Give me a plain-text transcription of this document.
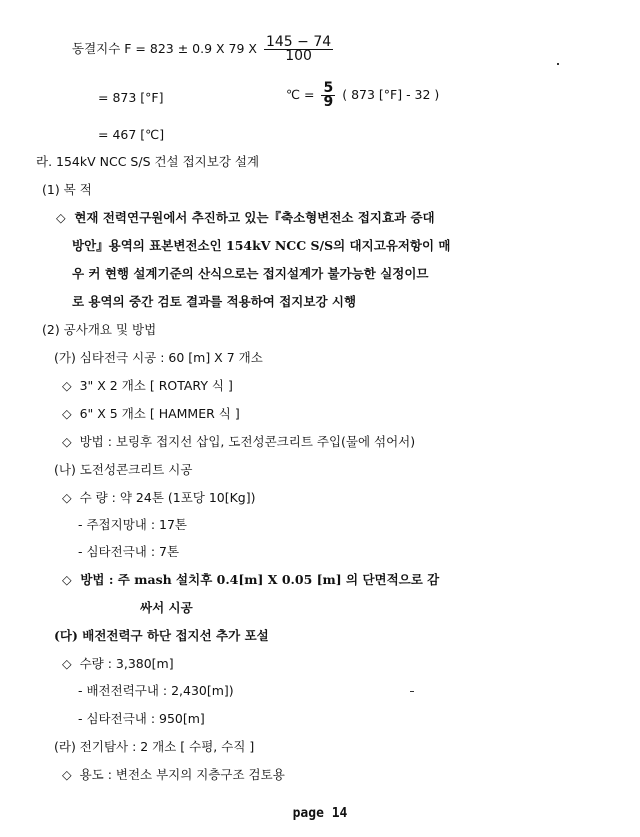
동결지수 F = 823 ± 0.9 X 79 X $\frac{145 - 74}{100}$
= 873 [°F]	℃ = $\frac{5}{9}$ ( 873 [°F] - 32 )
= 467 [℃]
라. 154kV NCC S/S 건설 접지보강 설계
(1) 목 적
◇ 현재 전력연구원에서 추진하고 있는『축소형변전소 접지효과 증대
방안』용역의 표본변전소인 154kV NCC S/S의 대지고유저항이 매
우 커 현행 설계기준의 산식으로는 접지설계가 불가능한 실정이므
로 용역의 중간 검토 결과를 적용하여 접지보강 시행
(2) 공사개요 및 방법
(가) 심타전극 시공 : 60 [m] X 7 개소
◇ 3" X 2 개소 [ ROTARY 식 ]
◇ 6" X 5 개소 [ HAMMER 식 ]
◇ 방법 : 보링후 접지선 삽입, 도전성콘크리트 주입(물에 섞어서)
(나) 도전성콘크리트 시공
◇ 수 량 : 약 24톤 (1포당 10[Kg])
- 주접지망내 : 17톤
- 심타전극내 : 7톤
◇ 방법 : 주 mash 설치후 0.4[m] X 0.05 [m] 의 단면적으로 감
싸서 시공
(다) 배전전력구 하단 접지선 추가 포설
◇ 수량 : 3,380[m]
- 배전전력구내 : 2,430[m])
- 심타전극내 : 950[m]
(라) 전기탐사 : 2 개소 [ 수평, 수직 ]
◇ 용도 : 변전소 부지의 지층구조 검토용
page 14
